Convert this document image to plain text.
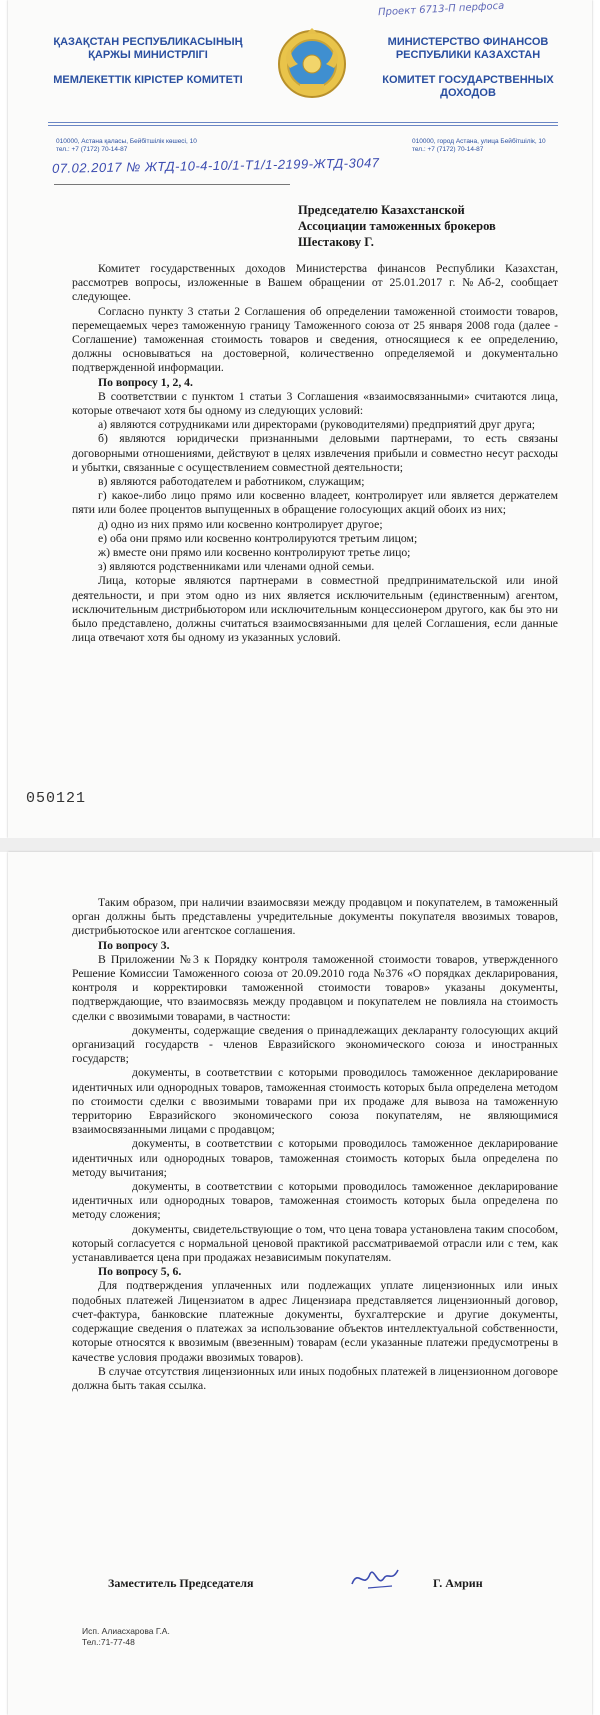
Проект 6713-П перфоса
ҚАЗАҚСТАН РЕСПУБЛИКАСЫНЫҢ ҚАРЖЫ МИНИСТРЛІГІ
МЕМЛЕКЕТТІК КІРІСТЕР КОМИТЕТІ
МИНИСТЕРСТВО ФИНАНСОВ РЕСПУБЛИКИ КАЗАХСТАН
КОМИТЕТ ГОСУДАРСТВЕННЫХ ДОХОДОВ
010000, Астана қаласы, Бейбітшілік көшесі, 10
тел.: +7 (7172) 70-14-87
010000, город Астана, улица Бейбітшілік, 10
тел.: +7 (7172) 70-14-87
07.02.2017 № ЖТД-10-4-10/1-Т1/1-2199-ЖТД-3047
Председателю Казахстанской
Ассоциации таможенных брокеров
Шестакову Г.

Комитет государственных доходов Министерства финансов Республики Казахстан, рассмотрев вопросы, изложенные в Вашем обращении от 25.01.2017 г. №Аб-2, сообщает следующее.

Согласно пункту 3 статьи 2 Соглашения об определении таможенной стоимости товаров, перемещаемых через таможенную границу Таможенного союза от 25 января 2008 года (далее - Соглашение) таможенная стоимость товаров и сведения, относящиеся к ее определению, должны основываться на достоверной, количественно определяемой и документально подтвержденной информации.

По вопросу 1, 2, 4.

В соответствии с пунктом 1 статьи 3 Соглашения «взаимосвязанными» считаются лица, которые отвечают хотя бы одному из следующих условий:

а) являются сотрудниками или директорами (руководителями) предприятий друг друга;

б) являются юридически признанными деловыми партнерами, то есть связаны договорными отношениями, действуют в целях извлечения прибыли и совместно несут расходы и убытки, связанные с осуществлением совместной деятельности;

в) являются работодателем и работником, служащим;

г) какое-либо лицо прямо или косвенно владеет, контролирует или является держателем пяти или более процентов выпущенных в обращение голосующих акций обоих из них;

д) одно из них прямо или косвенно контролирует другое;

е) оба они прямо или косвенно контролируются третьим лицом;

ж) вместе они прямо или косвенно контролируют третье лицо;

з) являются родственниками или членами одной семьи.

Лица, которые являются партнерами в совместной предпринимательской или иной деятельности, и при этом одно из них является исключительным (единственным) агентом, исключительным дистрибьютором или исключительным концессионером другого, как бы это ни было представлено, должны считаться взаимосвязанными для целей Соглашения, если данные лица отвечают хотя бы одному из указанных условий.

050121

Таким образом, при наличии взаимосвязи между продавцом и покупателем, в таможенный орган должны быть представлены учредительные документы покупателя ввозимых товаров, дистрибьютоское или агентское соглашения.

По вопросу 3.

В Приложении №3 к Порядку контроля таможенной стоимости товаров, утвержденного Решение Комиссии Таможенного союза от 20.09.2010 года №376 «О порядках декларирования, контроля и корректировки таможенной стоимости товаров» указаны документы, подтверждающие, что взаимосвязь между продавцом и покупателем не повлияла на стоимость сделки с ввозимыми товарами, в частности:

документы, содержащие сведения о принадлежащих декларанту голосующих акций организаций государств - членов Евразийского экономического союза и иностранных государств;

документы, в соответствии с которыми проводилось таможенное декларирование идентичных или однородных товаров, таможенная стоимость которых была определена методом по стоимости сделки с ввозимыми товарами при их продаже для вывоза на таможенную территорию Евразийского экономического союза покупателям, не являющимися взаимосвязанными лицами с продавцом;

документы, в соответствии с которыми проводилось таможенное декларирование идентичных или однородных товаров, таможенная стоимость которых была определена по методу вычитания;

документы, в соответствии с которыми проводилось таможенное декларирование идентичных или однородных товаров, таможенная стоимость которых была определена по методу сложения;

документы, свидетельствующие о том, что цена товара установлена таким способом, который согласуется с нормальной ценовой практикой рассматриваемой отрасли или с тем, как устанавливается цена при продажах независимым покупателям.

По вопросу 5, 6.

Для подтверждения уплаченных или подлежащих уплате лицензионных или иных подобных платежей Лицензиатом в адрес Лицензиара представляется лицензионный договор, счет-фактура, банковские платежные документы, бухгалтерские и другие документы, содержащие сведения о платежах за использование объектов интеллектуальной собственности, которые относятся к ввозимым (ввезенным) товарам (если указанные платежи предусмотрены в качестве условия продажи ввозимых товаров).

В случае отсутствия лицензионных или иных подобных платежей в лицензионном договоре должна быть такая ссылка.

Заместитель Председателя	Г. Амрин
Исп. Алиасхарова Г.А.
Тел.:71-77-48
